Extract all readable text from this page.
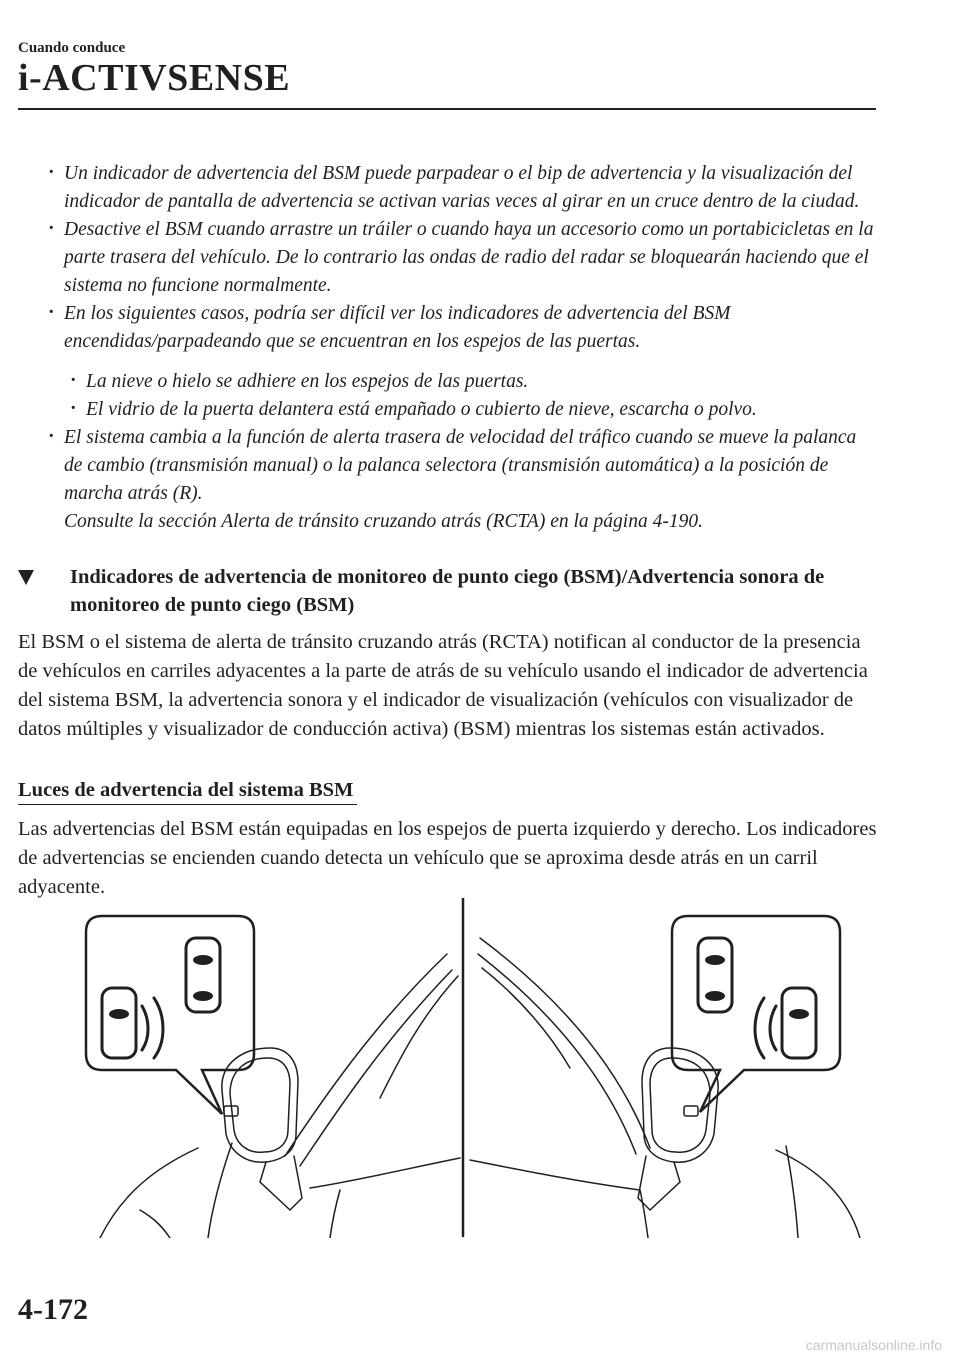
Cuando conduce
i-ACTIVSENSE
· Un indicador de advertencia del BSM puede parpadear o el bip de advertencia y la visualización del indicador de pantalla de advertencia se activan varias veces al girar en un cruce dentro de la ciudad.
· Desactive el BSM cuando arrastre un tráiler o cuando haya un accesorio como un portabicicletas en la parte trasera del vehículo. De lo contrario las ondas de radio del radar se bloquearán haciendo que el sistema no funcione normalmente.
· En los siguientes casos, podría ser difícil ver los indicadores de advertencia del BSM encendidas/parpadeando que se encuentran en los espejos de las puertas.
· La nieve o hielo se adhiere en los espejos de las puertas.
· El vidrio de la puerta delantera está empañado o cubierto de nieve, escarcha o polvo.
· El sistema cambia a la función de alerta trasera de velocidad del tráfico cuando se mueve la palanca de cambio (transmisión manual) o la palanca selectora (transmisión automática) a la posición de marcha atrás (R).
Consulte la sección Alerta de tránsito cruzando atrás (RCTA) en la página 4-190.
Indicadores de advertencia de monitoreo de punto ciego (BSM)/Advertencia sonora de monitoreo de punto ciego (BSM)

El BSM o el sistema de alerta de tránsito cruzando atrás (RCTA) notifican al conductor de la presencia de vehículos en carriles adyacentes a la parte de atrás de su vehículo usando el indicador de advertencia del sistema BSM, la advertencia sonora y el indicador de visualización (vehículos con visualizador de datos múltiples y visualizador de conducción activa) (BSM) mientras los sistemas están activados.

Luces de advertencia del sistema BSM

Las advertencias del BSM están equipadas en los espejos de puerta izquierdo y derecho. Los indicadores de advertencias se encienden cuando detecta un vehículo que se aproxima desde atrás en un carril adyacente.

4-172
carmanualsonline.info
